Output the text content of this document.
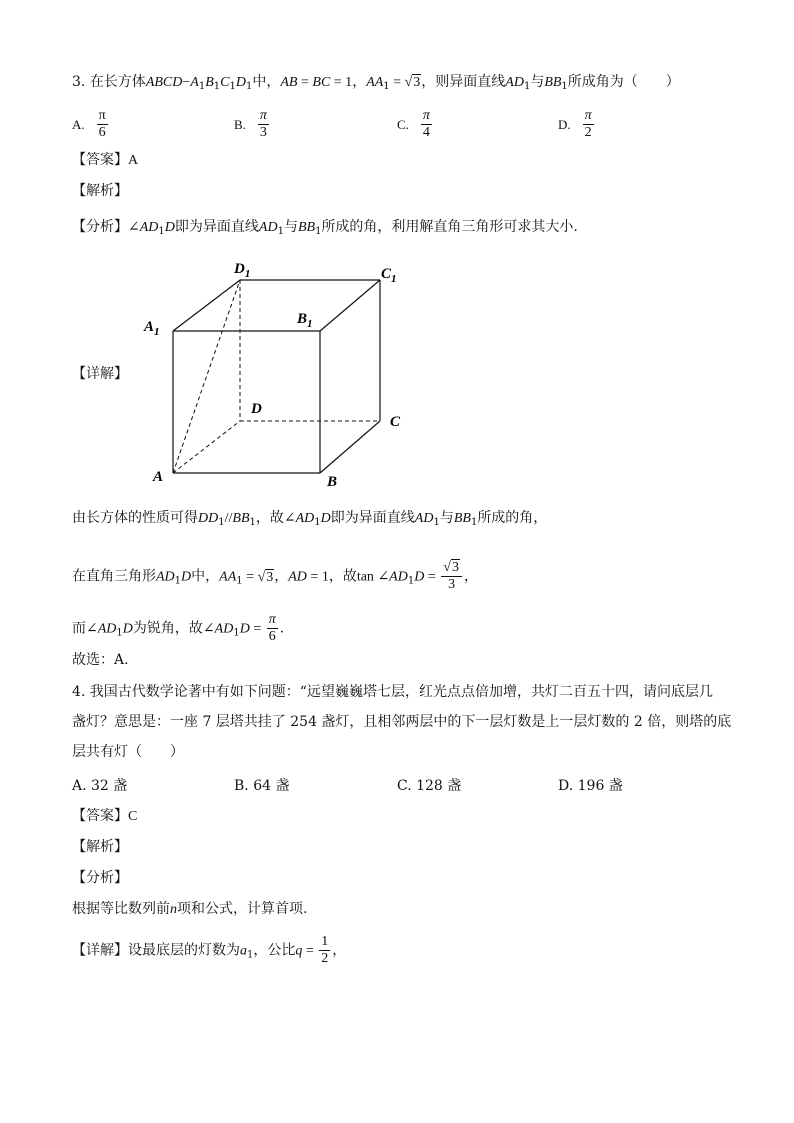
3. 在长方体$ABCD-A_1B_1C_1D_1$中，AB = BC = 1，$AA_1 = √3$，则异面直线$AD_1$与$BB_1$所成角为（　　）
A. $\frac{\pi}{6}$	B. $\frac{\pi}{3}$	C. $\frac{\pi}{4}$	D. $\frac{\pi}{2}$
【答案】A
【解析】
【分析】$\angle AD_1D$即为异面直线$AD_1$与$BB_1$所成的角，利用解直角三角形可求其大小.
【详解】
$D_1$	$C_1$
$A_1$
$B_1$
D
C
A	B
由长方体的性质可得$DD_1//BB_1$，故$\angle AD_1D$即为异面直线$AD_1$与$BB_1$所成的角，
在直角三角形$AD_1D$中，$AA_1 = √3$，AD = 1，故$\tan \angle AD_1D = \frac{√3}{3}$ ，
而$\angle AD_1D$为锐角，故$\angle AD_1D = \frac{\pi}{6}$ .
故选：A.
4. 我国古代数学论著中有如下问题：“远望巍巍塔七层，红光点点倍加增，共灯二百五十四，请问底层几
盏灯？意思是：一座 7 层塔共挂了 254 盏灯，且相邻两层中的下一层灯数是上一层灯数的 2 倍，则塔的底
层共有灯（　　）
A. 32 盏	B. 64 盏	C. 128 盏	D. 196 盏
【答案】C
【解析】
【分析】
根据等比数列前n项和公式，计算首项.
【详解】设最底层的灯数为$a_1$，公比$q = \frac{1}{2}$ ，
